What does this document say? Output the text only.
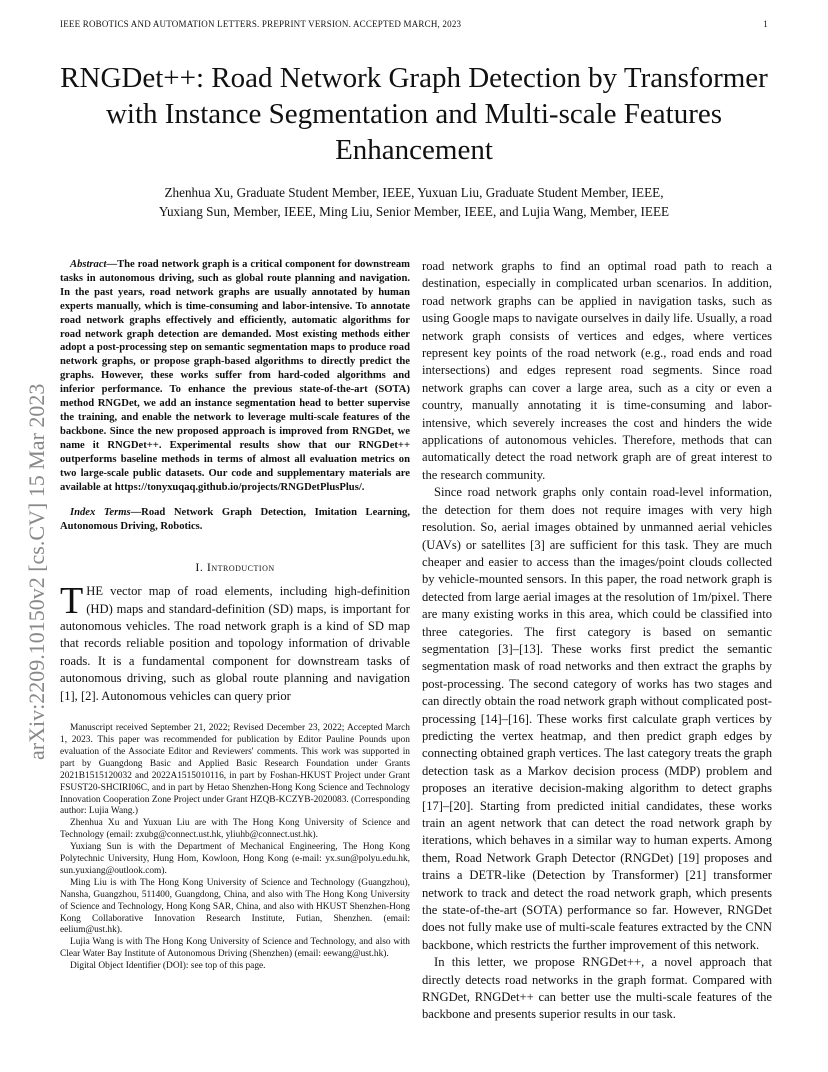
IEEE ROBOTICS AND AUTOMATION LETTERS. PREPRINT VERSION. ACCEPTED MARCH, 2023	1
RNGDet++: Road Network Graph Detection by Transformer with Instance Segmentation and Multi-scale Features Enhancement
Zhenhua Xu, Graduate Student Member, IEEE, Yuxuan Liu, Graduate Student Member, IEEE,
Yuxiang Sun, Member, IEEE, Ming Liu, Senior Member, IEEE, and Lujia Wang, Member, IEEE
arXiv:2209.10150v2 [cs.CV] 15 Mar 2023

Abstract—The road network graph is a critical component for downstream tasks in autonomous driving, such as global route planning and navigation. In the past years, road network graphs are usually annotated by human experts manually, which is time-consuming and labor-intensive. To annotate road network graphs effectively and efficiently, automatic algorithms for road network graph detection are demanded. Most existing methods either adopt a post-processing step on semantic segmentation maps to produce road network graphs, or propose graph-based algorithms to directly predict the graphs. However, these works suffer from hard-coded algorithms and inferior performance. To enhance the previous state-of-the-art (SOTA) method RNGDet, we add an instance segmentation head to better supervise the training, and enable the network to leverage multi-scale features of the backbone. Since the new proposed approach is improved from RNGDet, we name it RNGDet++. Experimental results show that our RNGDet++ outperforms baseline methods in terms of almost all evaluation metrics on two large-scale public datasets. Our code and supplementary materials are available at https://tonyxuqaq.github.io/projects/RNGDetPlusPlus/.

Index Terms—Road Network Graph Detection, Imitation Learning, Autonomous Driving, Robotics.

I. Introduction

THE vector map of road elements, including high-definition (HD) maps and standard-definition (SD) maps, is important for autonomous vehicles. The road network graph is a kind of SD map that records reliable position and topology information of drivable roads. It is a fundamental component for downstream tasks of autonomous driving, such as global route planning and navigation [1], [2]. Autonomous vehicles can query prior

Manuscript received September 21, 2022; Revised December 23, 2022; Accepted March 1, 2023. This paper was recommended for publication by Editor Pauline Pounds upon evaluation of the Associate Editor and Reviewers' comments. This work was supported in part by Guangdong Basic and Applied Basic Research Foundation under Grants 2021B1515120032 and 2022A1515010116, in part by Foshan-HKUST Project under Grant FSUST20-SHCIRI06C, and in part by Hetao Shenzhen-Hong Kong Science and Technology Innovation Cooperation Zone Project under Grant HZQB-KCZYB-2020083. (Corresponding author: Lujia Wang.)

Zhenhua Xu and Yuxuan Liu are with The Hong Kong University of Science and Technology (email: zxubg@connect.ust.hk, yliuhb@connect.ust.hk).

Yuxiang Sun is with the Department of Mechanical Engineering, The Hong Kong Polytechnic University, Hung Hom, Kowloon, Hong Kong (e-mail: yx.sun@polyu.edu.hk, sun.yuxiang@outlook.com).

Ming Liu is with The Hong Kong University of Science and Technology (Guangzhou), Nansha, Guangzhou, 511400, Guangdong, China, and also with The Hong Kong University of Science and Technology, Hong Kong SAR, China, and also with HKUST Shenzhen-Hong Kong Collaborative Innovation Research Institute, Futian, Shenzhen. (email: eelium@ust.hk).

Lujia Wang is with The Hong Kong University of Science and Technology, and also with Clear Water Bay Institute of Autonomous Driving (Shenzhen) (email: eewang@ust.hk).

Digital Object Identifier (DOI): see top of this page.

road network graphs to find an optimal road path to reach a destination, especially in complicated urban scenarios. In addition, road network graphs can be applied in navigation tasks, such as using Google maps to navigate ourselves in daily life. Usually, a road network graph consists of vertices and edges, where vertices represent key points of the road network (e.g., road ends and road intersections) and edges represent road segments. Since road network graphs can cover a large area, such as a city or even a country, manually annotating it is time-consuming and labor-intensive, which severely increases the cost and hinders the wide applications of autonomous vehicles. Therefore, methods that can automatically detect the road network graph are of great interest to the research community.

Since road network graphs only contain road-level information, the detection for them does not require images with very high resolution. So, aerial images obtained by unmanned aerial vehicles (UAVs) or satellites [3] are sufficient for this task. They are much cheaper and easier to access than the images/point clouds collected by vehicle-mounted sensors. In this paper, the road network graph is detected from large aerial images at the resolution of 1m/pixel. There are many existing works in this area, which could be classified into three categories. The first category is based on semantic segmentation [3]–[13]. These works first predict the semantic segmentation mask of road networks and then extract the graphs by post-processing. The second category of works has two stages and can directly obtain the road network graph without complicated post-processing [14]–[16]. These works first calculate graph vertices by predicting the vertex heatmap, and then predict graph edges by connecting obtained graph vertices. The last category treats the graph detection task as a Markov decision process (MDP) problem and proposes an iterative decision-making algorithm to detect graphs [17]–[20]. Starting from predicted initial candidates, these works train an agent network that can detect the road network graph by iterations, which behaves in a similar way to human experts. Among them, Road Network Graph Detector (RNGDet) [19] proposes and trains a DETR-like (Detection by Transformer) [21] transformer network to track and detect the road network graph, which presents the state-of-the-art (SOTA) performance so far. However, RNGDet does not fully make use of multi-scale features extracted by the CNN backbone, which restricts the further improvement of this network.

In this letter, we propose RNGDet++, a novel approach that directly detects road networks in the graph format. Compared with RNGDet, RNGDet++ can better use the multi-scale features of the backbone and presents superior results in our task.
